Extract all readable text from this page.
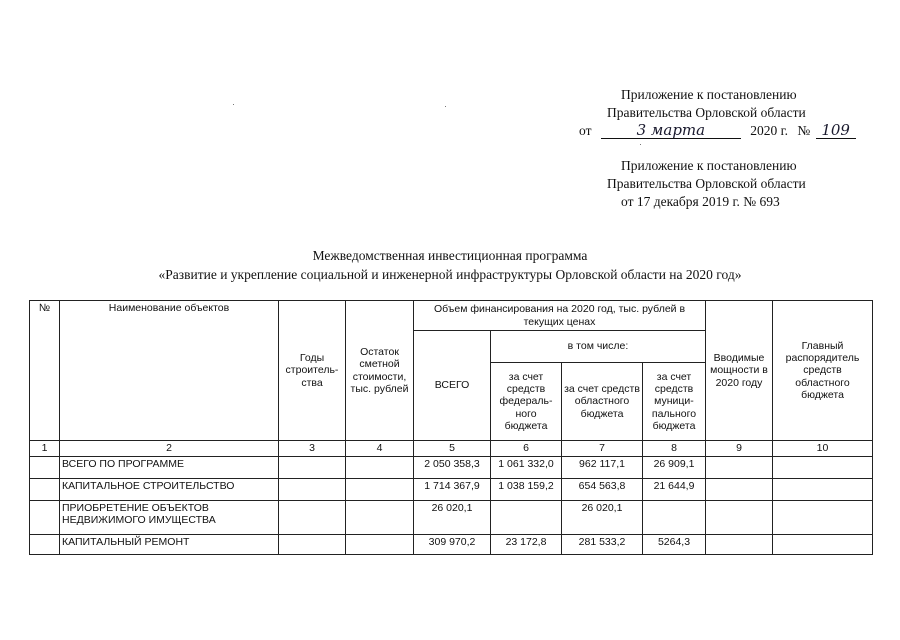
Приложение к постановлению
Правительства Орловской области
от	3 марта	2020 г. № 109
Приложение к постановлению
Правительства Орловской области
от 17 декабря 2019 г. № 693
Межведомственная инвестиционная программа
«Развитие и укрепление социальной и инженерной инфраструктуры Орловской области на 2020 год»
№	Наименование объектов	Годы строитель-ства	Остаток сметной стоимости, тыс. рублей	Объем финансирования на 2020 год, тыс. рублей в текущих ценах				Вводимые мощности в 2020 году	Главный распорядитель средств областного бюджета
				ВСЕГО	в том числе:				
					за счет средств федераль-ного бюджета	за счет средств областного бюджета	за счет средств муници-пального бюджета		

1	2	3	4	5	6	7	8	9	10
	ВСЕГО ПО ПРОГРАММЕ			2 050 358,3	1 061 332,0	962 117,1	26 909,1		
	КАПИТАЛЬНОЕ СТРОИТЕЛЬСТВО			1 714 367,9	1 038 159,2	654 563,8	21 644,9		
	ПРИОБРЕТЕНИЕ ОБЪЕКТОВ НЕДВИЖИМОГО ИМУЩЕСТВА			26 020,1		26 020,1			
	КАПИТАЛЬНЫЙ РЕМОНТ			309 970,2	23 172,8	281 533,2	5264,3		
